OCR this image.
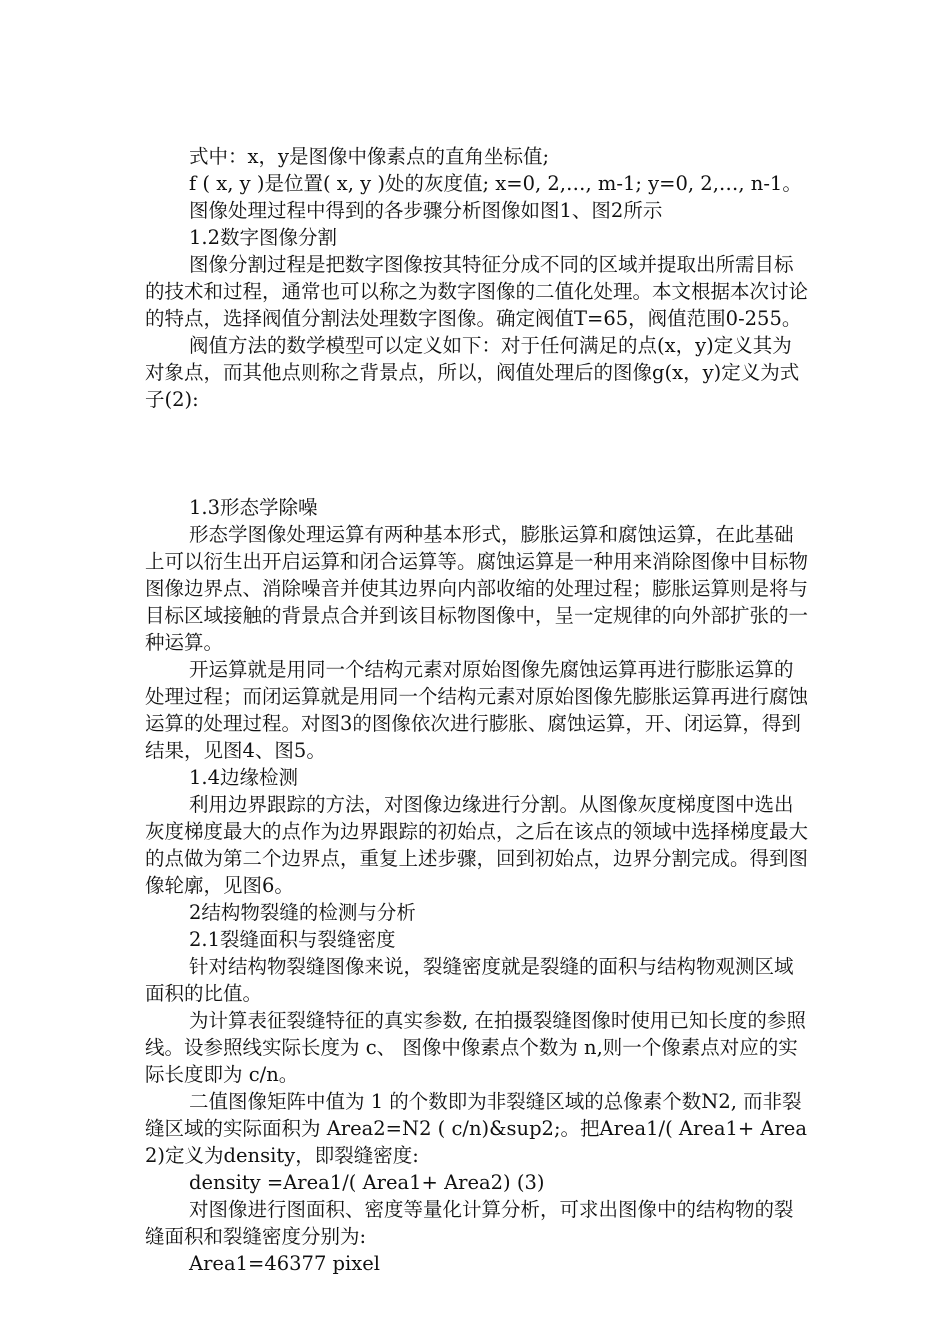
式中：x，y是图像中像素点的直角坐标值;

f ( x, y )是位置( x, y )处的灰度值; x=0, 2,…, m-1; y=0, 2,…, n-1。

图像处理过程中得到的各步骤分析图像如图1、图2所示

1.2数字图像分割

图像分割过程是把数字图像按其特征分成不同的区域并提取出所需目标的技术和过程，通常也可以称之为数字图像的二值化处理。本文根据本次讨论的特点，选择阀值分割法处理数字图像。确定阀值T=65，阀值范围0-255。

阀值方法的数学模型可以定义如下：对于任何满足的点(x，y)定义其为对象点，而其他点则称之背景点，所以，阀值处理后的图像g(x，y)定义为式子(2):

1.3形态学除噪

形态学图像处理运算有两种基本形式，膨胀运算和腐蚀运算，在此基础上可以衍生出开启运算和闭合运算等。腐蚀运算是一种用来消除图像中目标物图像边界点、消除噪音并使其边界向内部收缩的处理过程；膨胀运算则是将与目标区域接触的背景点合并到该目标物图像中，呈一定规律的向外部扩张的一种运算。

开运算就是用同一个结构元素对原始图像先腐蚀运算再进行膨胀运算的处理过程；而闭运算就是用同一个结构元素对原始图像先膨胀运算再进行腐蚀运算的处理过程。对图3的图像依次进行膨胀、腐蚀运算，开、闭运算，得到结果，见图4、图5。

1.4边缘检测

利用边界跟踪的方法，对图像边缘进行分割。从图像灰度梯度图中选出灰度梯度最大的点作为边界跟踪的初始点，之后在该点的领域中选择梯度最大的点做为第二个边界点，重复上述步骤，回到初始点，边界分割完成。得到图像轮廓，见图6。

2结构物裂缝的检测与分析

2.1裂缝面积与裂缝密度

针对结构物裂缝图像来说，裂缝密度就是裂缝的面积与结构物观测区域面积的比值。

为计算表征裂缝特征的真实参数, 在拍摄裂缝图像时使用已知长度的参照线。设参照线实际长度为 c、 图像中像素点个数为 n,则一个像素点对应的实际长度即为 c/n。

二值图像矩阵中值为 1 的个数即为非裂缝区域的总像素个数N2, 而非裂缝区域的实际面积为 Area2=N2 ( c/n)&sup2;。把Area1/( Area1+ Area2)定义为density，即裂缝密度:

density =Area1/( Area1+ Area2) (3)

对图像进行图面积、密度等量化计算分析，可求出图像中的结构物的裂缝面积和裂缝密度分别为:

Area1=46377 pixel
